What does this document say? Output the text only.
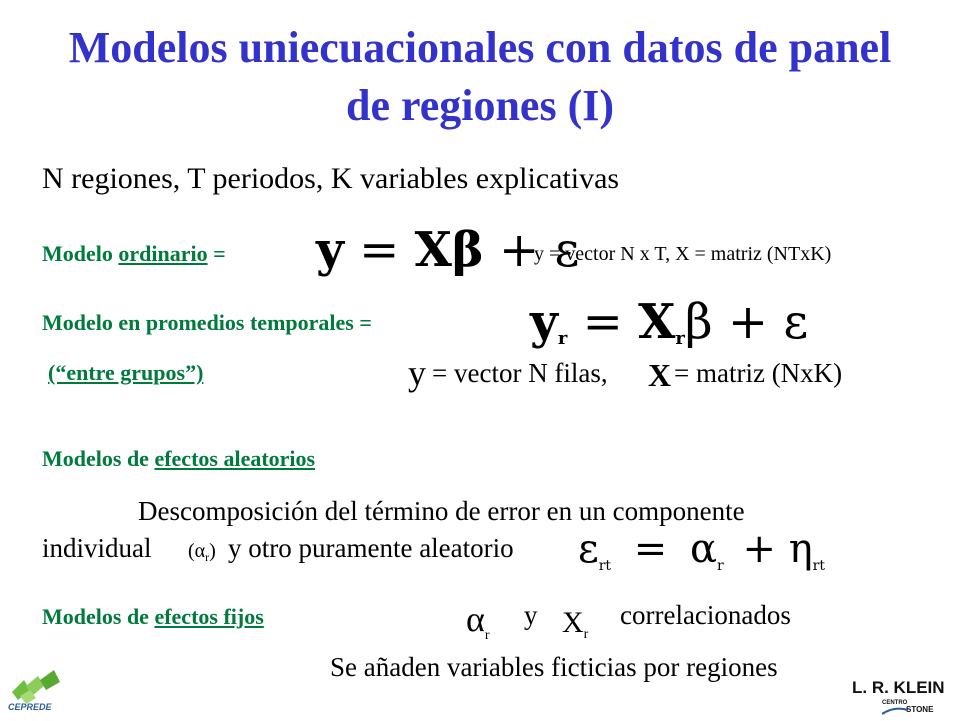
Modelos uniecuacionales con datos de panel
de regiones (I)
N regiones, T periodos, K variables explicativas
Modelo ordinario = y = Xβ + ε
y = vector N x T, X = matriz (NTxK)
Modelo en promedios temporales =	yr = Xrβ + ε
(“entre grupos”)	y = vector N filas, X = matriz (NxK)
Modelos de efectos aleatorios
Descomposición del término de error en un componente
individual $(\alpha_r)$ y otro puramente aleatorio $\varepsilon_{rt} = \alpha_r + \eta_{rt}$
Modelos de efectos fijos	$\alpha_r$
y $X_r$
correlacionados
Se añaden variables ficticias por regiones
CEPREDE
L. R. KLEIN
CENTRO
STONE
